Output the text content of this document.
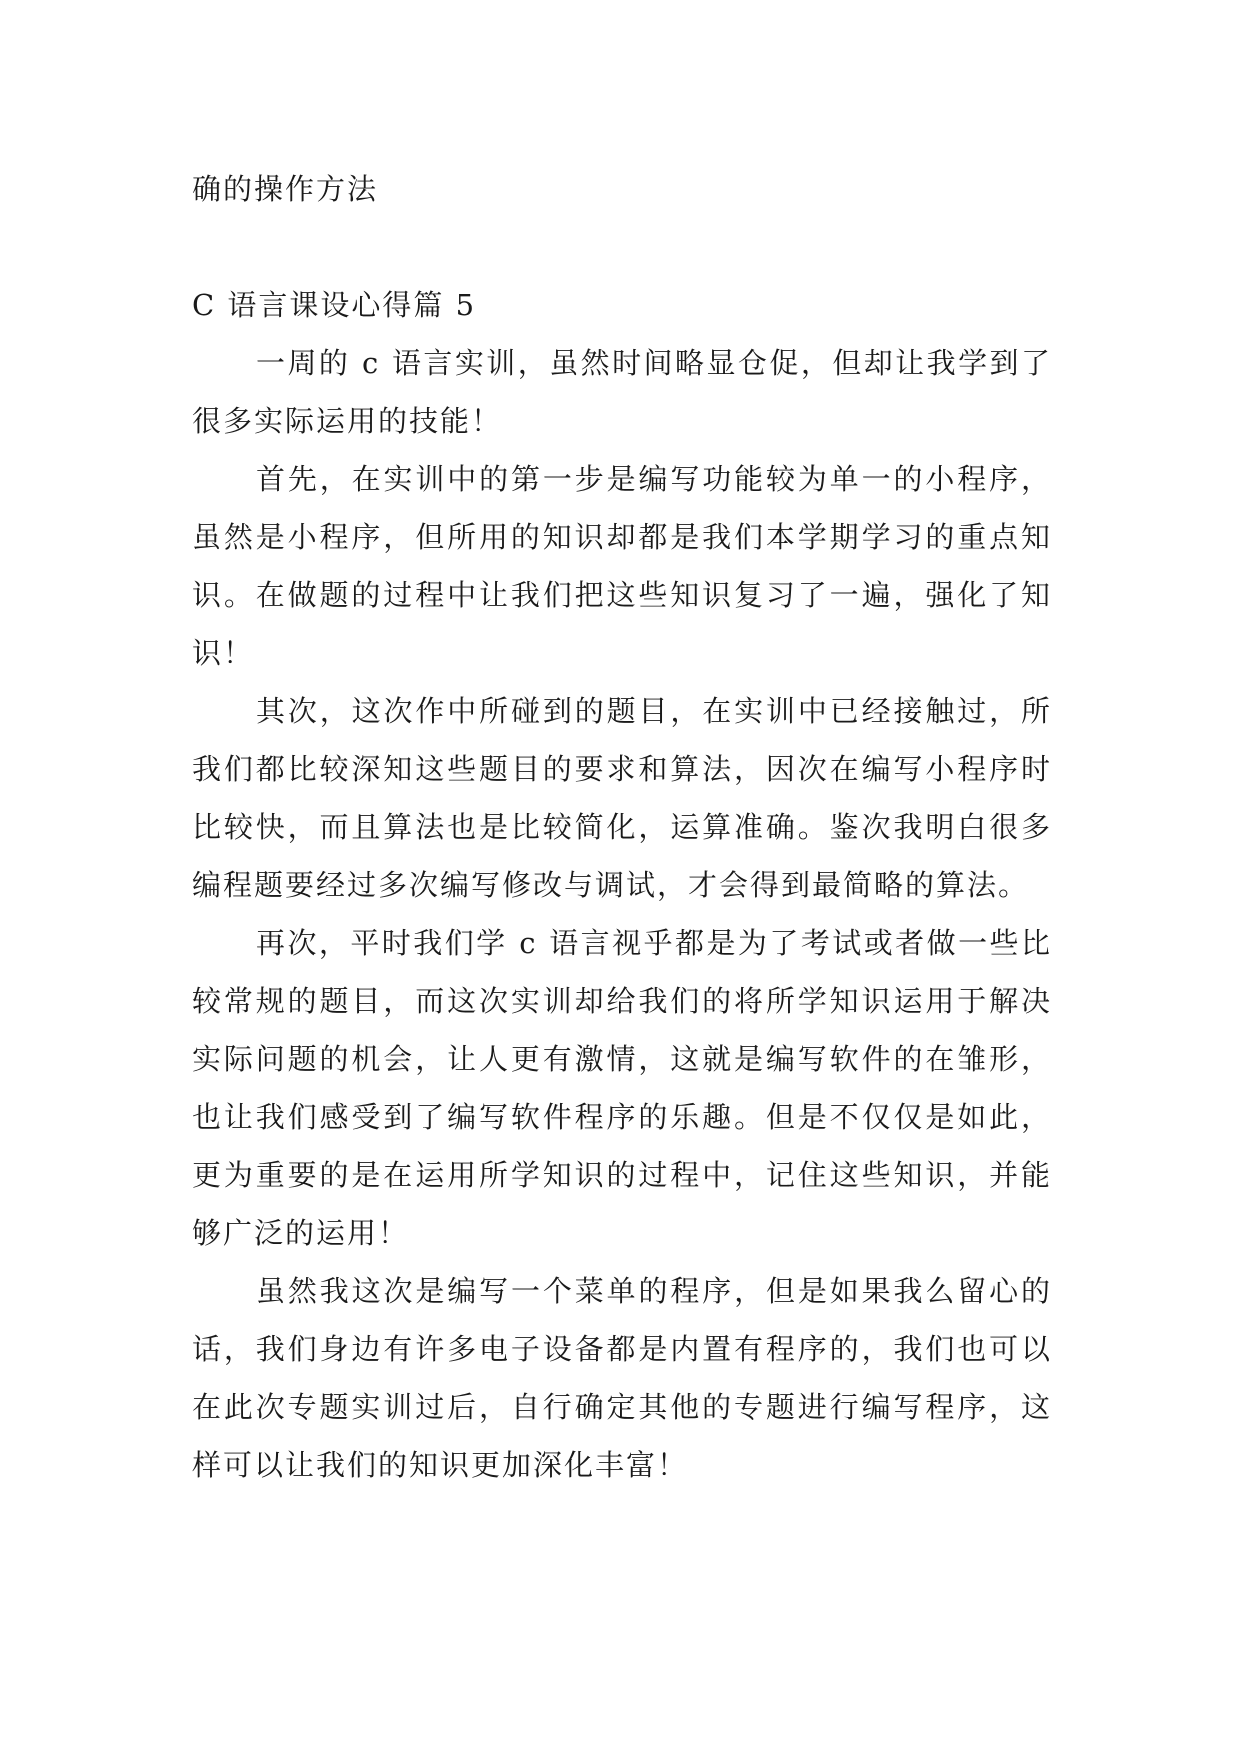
确的操作方法
C 语言课设心得篇 5

一周的 c 语言实训，虽然时间略显仓促，但却让我学到了很多实际运用的技能！

首先，在实训中的第一步是编写功能较为单一的小程序，虽然是小程序，但所用的知识却都是我们本学期学习的重点知识。在做题的过程中让我们把这些知识复习了一遍，强化了知识！

其次，这次作中所碰到的题目，在实训中已经接触过，所我们都比较深知这些题目的要求和算法，因次在编写小程序时比较快，而且算法也是比较简化，运算准确。鉴次我明白很多编程题要经过多次编写修改与调试，才会得到最简略的算法。

再次，平时我们学 c 语言视乎都是为了考试或者做一些比较常规的题目，而这次实训却给我们的将所学知识运用于解决实际问题的机会，让人更有激情，这就是编写软件的在雏形，也让我们感受到了编写软件程序的乐趣。但是不仅仅是如此，更为重要的是在运用所学知识的过程中，记住这些知识，并能够广泛的运用！

虽然我这次是编写一个菜单的程序，但是如果我么留心的话，我们身边有许多电子设备都是内置有程序的，我们也可以在此次专题实训过后，自行确定其他的专题进行编写程序，这样可以让我们的知识更加深化丰富！
